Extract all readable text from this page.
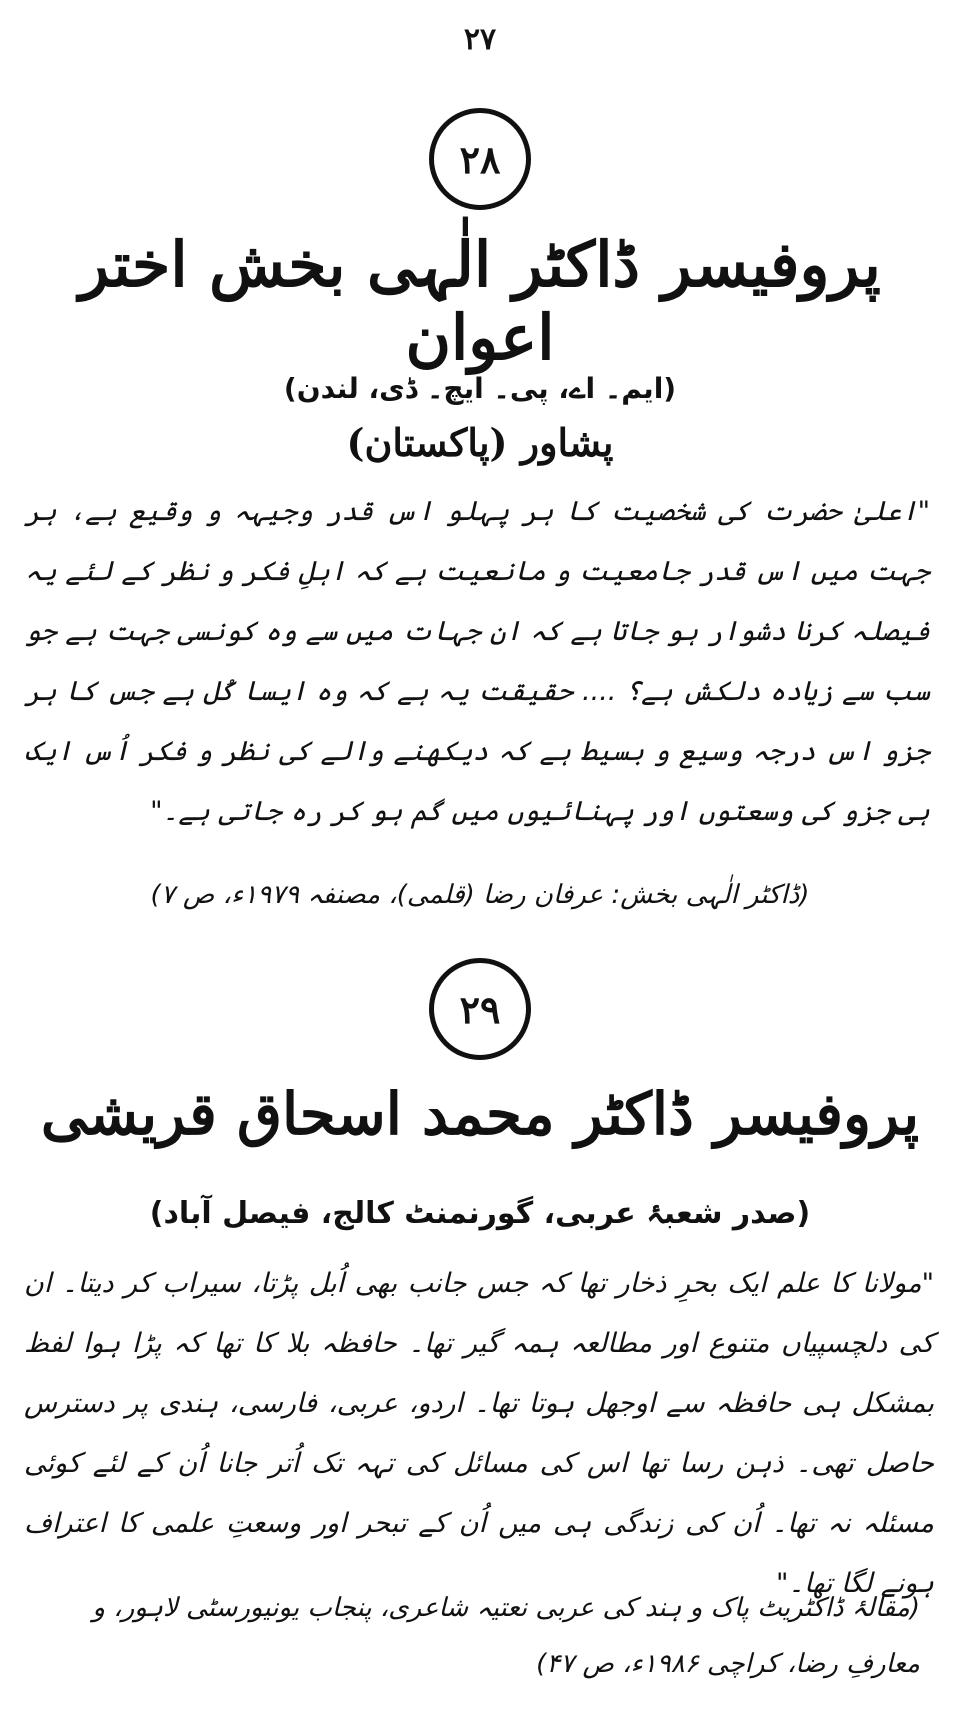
٢٧
٢٨
پروفیسر ڈاکٹر الٰہی بخش اختر اعوان
(ایم۔ اے، پی۔ ایچ۔ ڈی، لندن)
پشاور (پاکستان)
"اعلیٰ حضرت کی شخصیت کا ہر پہلو اس قدر وجیہہ و وقیع ہے، ہر جہت میں اس قدر جامعیت و مانعیت ہے کہ اہلِ فکر و نظر کے لئے یہ فیصلہ کرنا دشوار ہو جاتا ہے کہ ان جہات میں سے وہ کونسی جہت ہے جو سب سے زیادہ دلکش ہے؟ .... حقیقت یہ ہے کہ وہ ایسا کُل ہے جس کا ہر جزو اس درجہ وسیع و بسیط ہے کہ دیکھنے والے کی نظر و فکر اُس ایک ہی جزو کی وسعتوں اور پہنائیوں میں گم ہو کر رہ جاتی ہے۔"
(ڈاکٹر الٰہی بخش: عرفان رضا (قلمی)، مصنفہ ۱۹۷۹ء، ص ۷)
٢٩
پروفیسر ڈاکٹر محمد اسحاق قریشی
(صدر شعبۂ عربی، گورنمنٹ کالج، فیصل آباد)
"مولانا کا علم ایک بحرِ ذخار تھا کہ جس جانب بھی اُبل پڑتا، سیراب کر دیتا۔ ان کی دلچسپیاں متنوع اور مطالعہ ہمہ گیر تھا۔ حافظہ بلا کا تھا کہ پڑا ہوا لفظ بمشکل ہی حافظہ سے اوجھل ہوتا تھا۔ اردو، عربی، فارسی، ہندی پر دسترس حاصل تھی۔ ذہن رسا تھا اس کی مسائل کی تہہ تک اُتر جانا اُن کے لئے کوئی مسئلہ نہ تھا۔ اُن کی زندگی ہی میں اُن کے تبحر اور وسعتِ علمی کا اعتراف ہونے لگا تھا۔"
(مقالۂ ڈاکٹریٹ پاک و ہند کی عربی نعتیہ شاعری، پنجاب یونیورسٹی لاہور، و معارفِ رضا، کراچی ۱۹۸۶ء، ص ۴۷)
